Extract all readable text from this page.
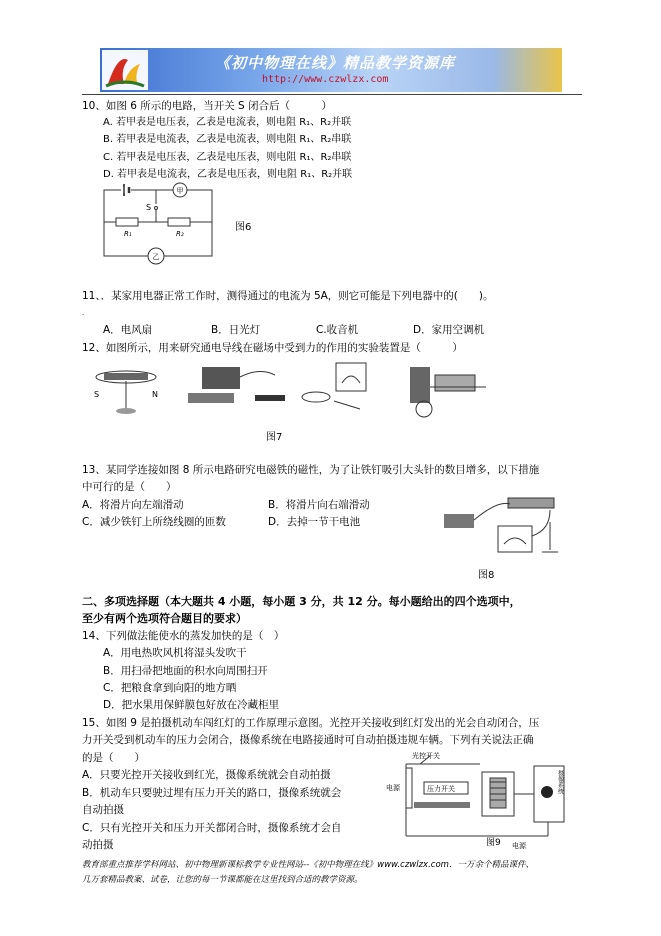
《初中物理在线》精品教学资源库
http://www.czwlzx.com
10、如图 6 所示的电路，当开关 S 闭合后（　　　）
A. 若甲表是电压表，乙表是电流表，则电阻 R₁、R₂并联
B. 若甲表是电流表，乙表是电流表，则电阻 R₁、R₂串联
C. 若甲表是电压表，乙表是电压表，则电阻 R₁、R₂串联
D. 若甲表是电流表，乙表是电压表，则电阻 R₁、R₂并联
甲
S
R₁	R₂
乙
图6
11、．某家用电器正常工作时，测得通过的电流为 5A，则它可能是下列电器中的(　　)。
.
A．电风扇	B．日光灯	C.收音机	D．家用空调机
12、如图所示，用来研究通电导线在磁场中受到力的作用的实验装置是（　　　）
S	N
图7
13、某同学连接如图 8 所示电路研究电磁铁的磁性，为了让铁钉吸引大头针的数目增多，以下措施
中可行的是（　　）
A．将滑片向左端滑动	B．将滑片向右端滑动
C．减少铁钉上所绕线圈的匝数	D．去掉一节干电池
图8
二、多项选择题（本大题共 4 小题，每小题 3 分，共 12 分。每小题给出的四个选项中，
至少有两个选项符合题目的要求）
14、下列做法能使水的蒸发加快的是（　）
A．用电热吹风机将湿头发吹干
B．用扫帚把地面的积水向周围扫开
C．把粮食拿到向阳的地方晒
D．把水果用保鲜膜包好放在冷藏柜里
15、如图 9 是拍摄机动车闯红灯的工作原理示意图。光控开关接收到红灯发出的光会自动闭合，压
力开关受到机动车的压力会闭合，摄像系统在电路接通时可自动拍摄违规车辆。下列有关说法正确
的是（　　）
A．只要光控开关接收到红光，摄像系统就会自动拍摄
B．机动车只要驶过埋有压力开关的路口，摄像系统就会
自动拍摄
C．只有光控开关和压力开关都闭合时，摄像系统才会自
动拍摄
光控开关
电源	压力开关	摄像系统
电源
图9
教育部重点推荐学科网站、初中物理新课标教学专业性网站--《初中物理在线》www.czwlzx.com．一万余个精品课件、
几万套精品教案、试卷，让您的每一节课都能在这里找到合适的教学资源。
